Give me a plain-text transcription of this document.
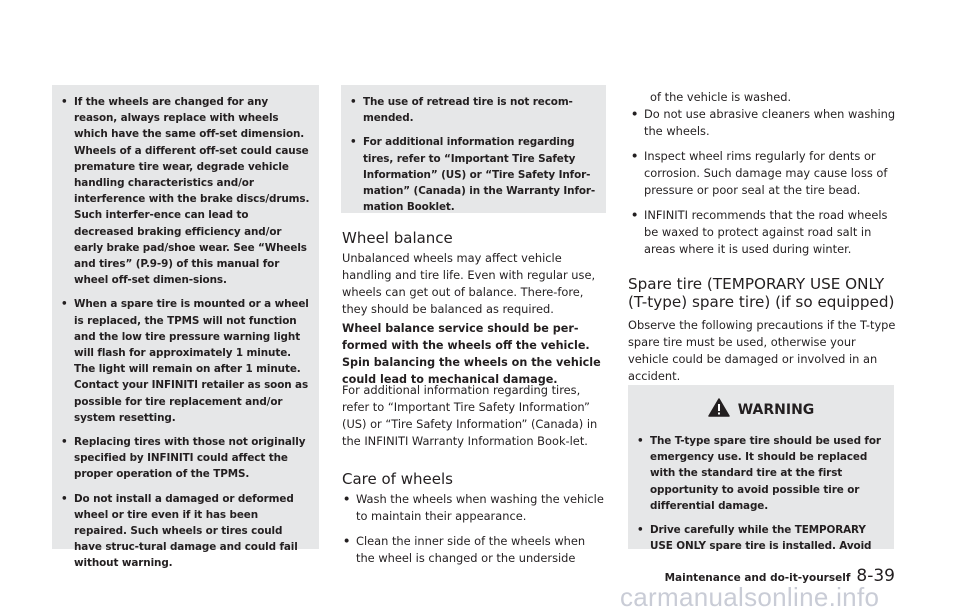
• If the wheels are changed for any reason, always replace with wheels which have the same off-set dimension. Wheels of a different off-set could cause premature tire wear, degrade vehicle handling characteristics and/or interference with the brake discs/drums. Such interfer-ence can lead to decreased braking efficiency and/or early brake pad/shoe wear. See “Wheels and tires” (P.9-9) of this manual for wheel off-set dimen-sions.
• When a spare tire is mounted or a wheel is replaced, the TPMS will not function and the low tire pressure warning light will flash for approximately 1 minute. The light will remain on after 1 minute. Contact your INFINITI retailer as soon as possible for tire replacement and/or system resetting.
• Replacing tires with those not originally specified by INFINITI could affect the proper operation of the TPMS.
• Do not install a damaged or deformed wheel or tire even if it has been repaired. Such wheels or tires could have struc-tural damage and could fail without warning.
• The use of retread tire is not recom-mended.
• For additional information regarding tires, refer to “Important Tire Safety Information” (US) or “Tire Safety Infor-mation” (Canada) in the Warranty Infor-mation Booklet.
Wheel balance

Unbalanced wheels may affect vehicle handling and tire life. Even with regular use, wheels can get out of balance. There-fore, they should be balanced as required.

Wheel balance service should be per-formed with the wheels off the vehicle. Spin balancing the wheels on the vehicle could lead to mechanical damage.

For additional information regarding tires, refer to “Important Tire Safety Information” (US) or “Tire Safety Information” (Canada) in the INFINITI Warranty Information Book-let.

Care of wheels
• Wash the wheels when washing the vehicle to maintain their appearance.
• Clean the inner side of the wheels when the wheel is changed or the underside

of the vehicle is washed.

• Do not use abrasive cleaners when washing the wheels.
• Inspect wheel rims regularly for dents or corrosion. Such damage may cause loss of pressure or poor seal at the tire bead.
• INFINITI recommends that the road wheels be waxed to protect against road salt in areas where it is used during winter.
Spare tire (TEMPORARY USE ONLY
(T-type) spare tire) (if so equipped)

Observe the following precautions if the T-type spare tire must be used, otherwise your vehicle could be damaged or involved in an accident.

WARNING
• The T-type spare tire should be used for emergency use. It should be replaced with the standard tire at the first opportunity to avoid possible tire or differential damage.
• Drive carefully while the TEMPORARY USE ONLY spare tire is installed. Avoid
Maintenance and do-it-yourself 8-39
carmanualsonline.info
